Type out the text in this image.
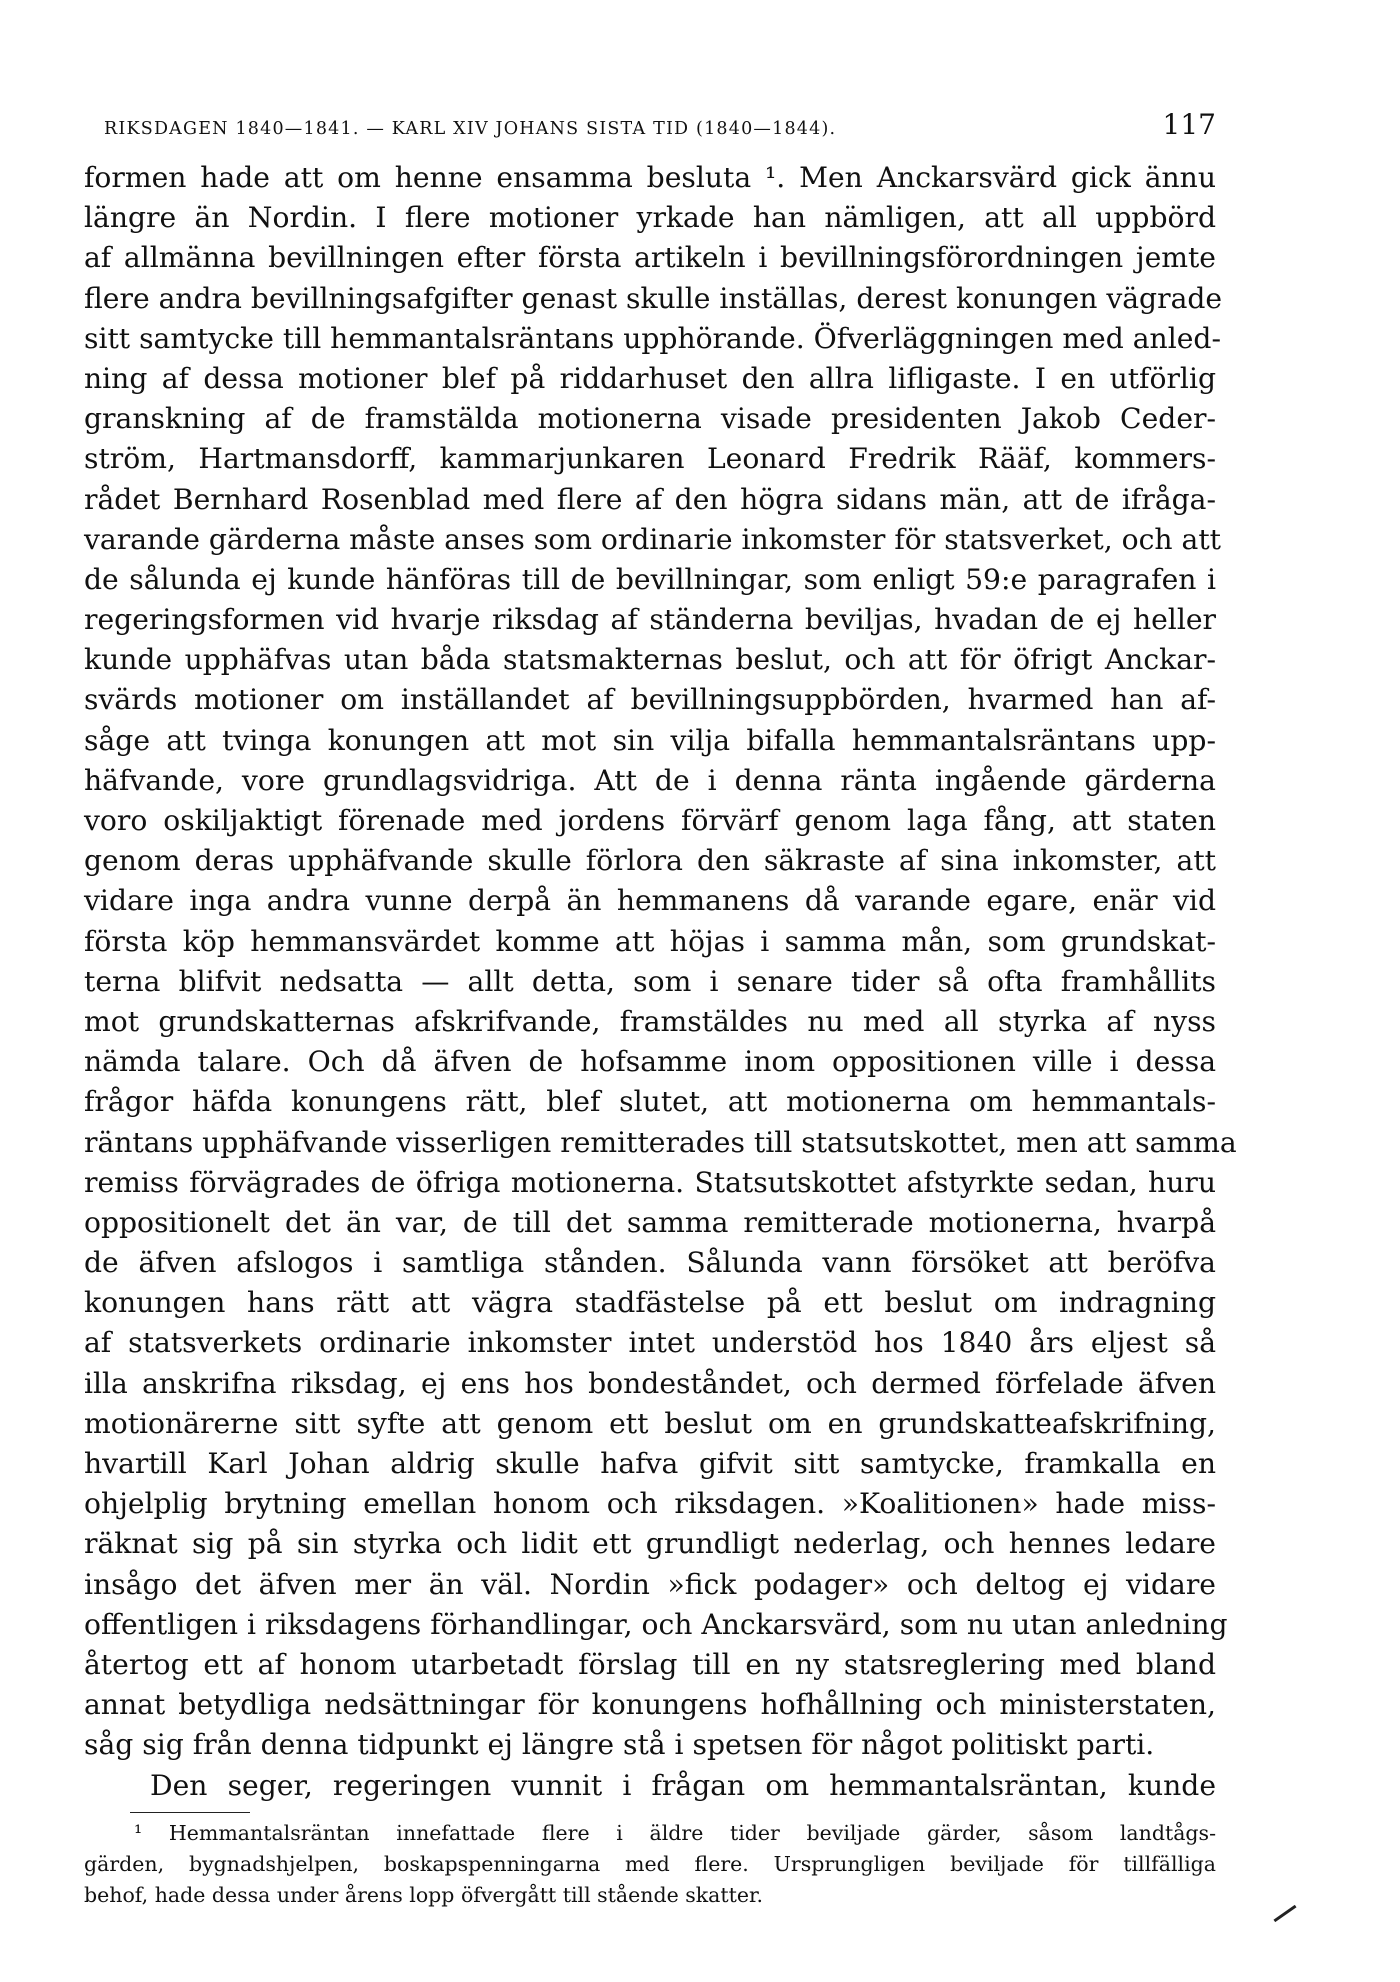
RIKSDAGEN 1840—1841. — KARL XIV JOHANS SISTA TID (1840—1844).	117
formen hade att om henne ensamma besluta ¹. Men Anckarsvärd gick ännu
längre än Nordin. I flere motioner yrkade han nämligen, att all uppbörd
af allmänna bevillningen efter första artikeln i bevillningsförordningen jemte
flere andra bevillningsafgifter genast skulle inställas, derest konungen vägrade
sitt samtycke till hemmantalsräntans upphörande. Öfverläggningen med anled-
ning af dessa motioner blef på riddarhuset den allra lifligaste. I en utförlig
granskning af de framstälda motionerna visade presidenten Jakob Ceder-
ström, Hartmansdorff, kammarjunkaren Leonard Fredrik Rääf, kommers-
rådet Bernhard Rosenblad med flere af den högra sidans män, att de ifråga-
varande gärderna måste anses som ordinarie inkomster för statsverket, och att
de sålunda ej kunde hänföras till de bevillningar, som enligt 59:e paragrafen i
regeringsformen vid hvarje riksdag af ständerna beviljas, hvadan de ej heller
kunde upphäfvas utan båda statsmakternas beslut, och att för öfrigt Anckar-
svärds motioner om inställandet af bevillningsuppbörden, hvarmed han af-
såge att tvinga konungen att mot sin vilja bifalla hemmantalsräntans upp-
häfvande, vore grundlagsvidriga. Att de i denna ränta ingående gärderna
voro oskiljaktigt förenade med jordens förvärf genom laga fång, att staten
genom deras upphäfvande skulle förlora den säkraste af sina inkomster, att
vidare inga andra vunne derpå än hemmanens då varande egare, enär vid
första köp hemmansvärdet komme att höjas i samma mån, som grundskat-
terna blifvit nedsatta — allt detta, som i senare tider så ofta framhållits
mot grundskatternas afskrifvande, framstäldes nu med all styrka af nyss
nämda talare. Och då äfven de hofsamme inom oppositionen ville i dessa
frågor häfda konungens rätt, blef slutet, att motionerna om hemmantals-
räntans upphäfvande visserligen remitterades till statsutskottet, men att samma
remiss förvägrades de öfriga motionerna. Statsutskottet afstyrkte sedan, huru
oppositionelt det än var, de till det samma remitterade motionerna, hvarpå
de äfven afslogos i samtliga stånden. Sålunda vann försöket att beröfva
konungen hans rätt att vägra stadfästelse på ett beslut om indragning
af statsverkets ordinarie inkomster intet understöd hos 1840 års eljest så
illa anskrifna riksdag, ej ens hos bondeståndet, och dermed förfelade äfven
motionärerne sitt syfte att genom ett beslut om en grundskatteafskrifning,
hvartill Karl Johan aldrig skulle hafva gifvit sitt samtycke, framkalla en
ohjelplig brytning emellan honom och riksdagen. »Koalitionen» hade miss-
räknat sig på sin styrka och lidit ett grundligt nederlag, och hennes ledare
insågo det äfven mer än väl. Nordin »fick podager» och deltog ej vidare
offentligen i riksdagens förhandlingar, och Anckarsvärd, som nu utan anledning
återtog ett af honom utarbetadt förslag till en ny statsreglering med bland
annat betydliga nedsättningar för konungens hofhållning och ministerstaten,
såg sig från denna tidpunkt ej längre stå i spetsen för något politiskt parti.
Den seger, regeringen vunnit i frågan om hemmantalsräntan, kunde
¹ Hemmantalsräntan innefattade flere i äldre tider beviljade gärder, såsom landtågs-
gärden, bygnadshjelpen, boskapspenningarna med flere. Ursprungligen beviljade för tillfälliga
behof, hade dessa under årens lopp öfvergått till stående skatter.
